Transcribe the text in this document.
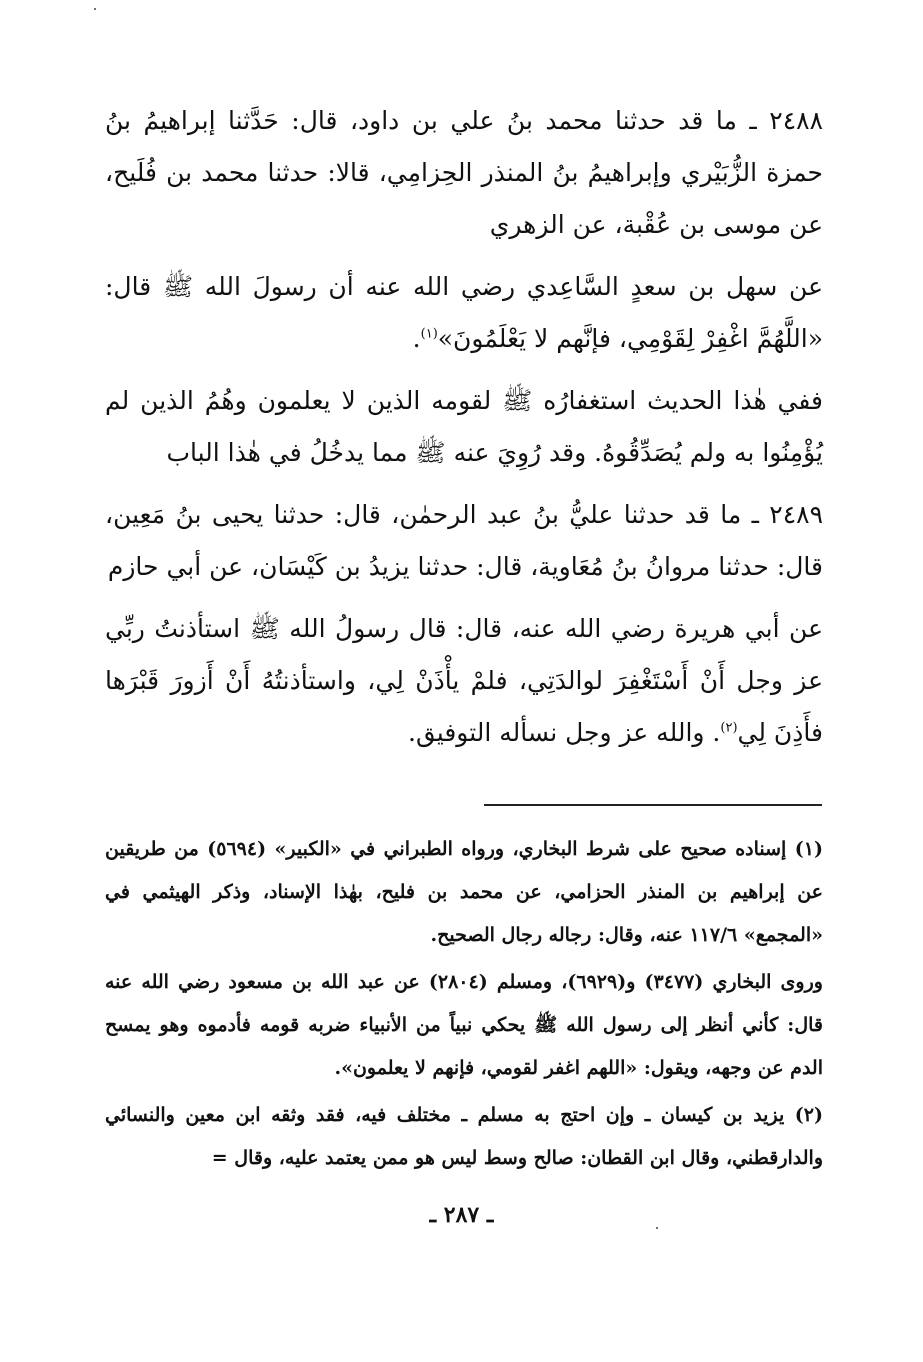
٢٤٨٨ ـ ما قد حدثنا محمد بنُ علي بن داود، قال: حَدَّثنا إبراهيمُ بنُ حمزة الزُّبَيْري وإبراهيمُ بنُ المنذر الحِزامِي، قالا: حدثنا محمد بن فُلَيح، عن موسى بن عُقْبة، عن الزهري

عن سهل بن سعدٍ السَّاعِدي رضي الله عنه أن رسولَ الله ﷺ قال: «اللَّهُمَّ اغْفِرْ لِقَوْمِي، فإنَّهم لا يَعْلَمُونَ»$^{(١)}$.

ففي هٰذا الحديث استغفارُه ﷺ لقومه الذين لا يعلمون وهُمُ الذين لم يُؤْمِنُوا به ولم يُصَدِّقُوهُ. وقد رُوِيَ عنه ﷺ مما يدخُلُ في هٰذا الباب

٢٤٨٩ ـ ما قد حدثنا عليُّ بنُ عبد الرحمٰن، قال: حدثنا يحيى بنُ مَعِين، قال: حدثنا مروانُ بنُ مُعَاوية، قال: حدثنا يزيدُ بن كَيْسَان، عن أبي حازم

عن أبي هريرة رضي الله عنه، قال: قال رسولُ الله ﷺ استأذنتُ ربِّي عز وجل أَنْ أَسْتَغْفِرَ لوالدَتِي، فلمْ يأْذَنْ لِي، واستأذنتُهُ أَنْ أَزورَ قَبْرَها فأَذِنَ لِي$^{(٢)}$. والله عز وجل نسأله التوفيق.

(١) إسناده صحيح على شرط البخاري، ورواه الطبراني في «الكبير» (٥٦٩٤) من طريقين عن إبراهيم بن المنذر الحزامي، عن محمد بن فليح، بهٰذا الإسناد، وذكر الهيثمي في «المجمع» ١١٧/٦ عنه، وقال: رجاله رجال الصحيح.

وروى البخاري (٣٤٧٧) و(٦٩٢٩)، ومسلم (٢٨٠٤) عن عبد الله بن مسعود رضي الله عنه قال: كأني أنظر إلى رسول الله ﷺ يحكي نبياً من الأنبياء ضربه قومه فأدموه وهو يمسح الدم عن وجهه، ويقول: «اللهم اغفر لقومي، فإنهم لا يعلمون».

(٢) يزيد بن كيسان ـ وإن احتج به مسلم ـ مختلف فيه، فقد وثقه ابن معين والنسائي والدارقطني، وقال ابن القطان: صالح وسط ليس هو ممن يعتمد عليه، وقال =

ـ ٢٨٧ ـ
